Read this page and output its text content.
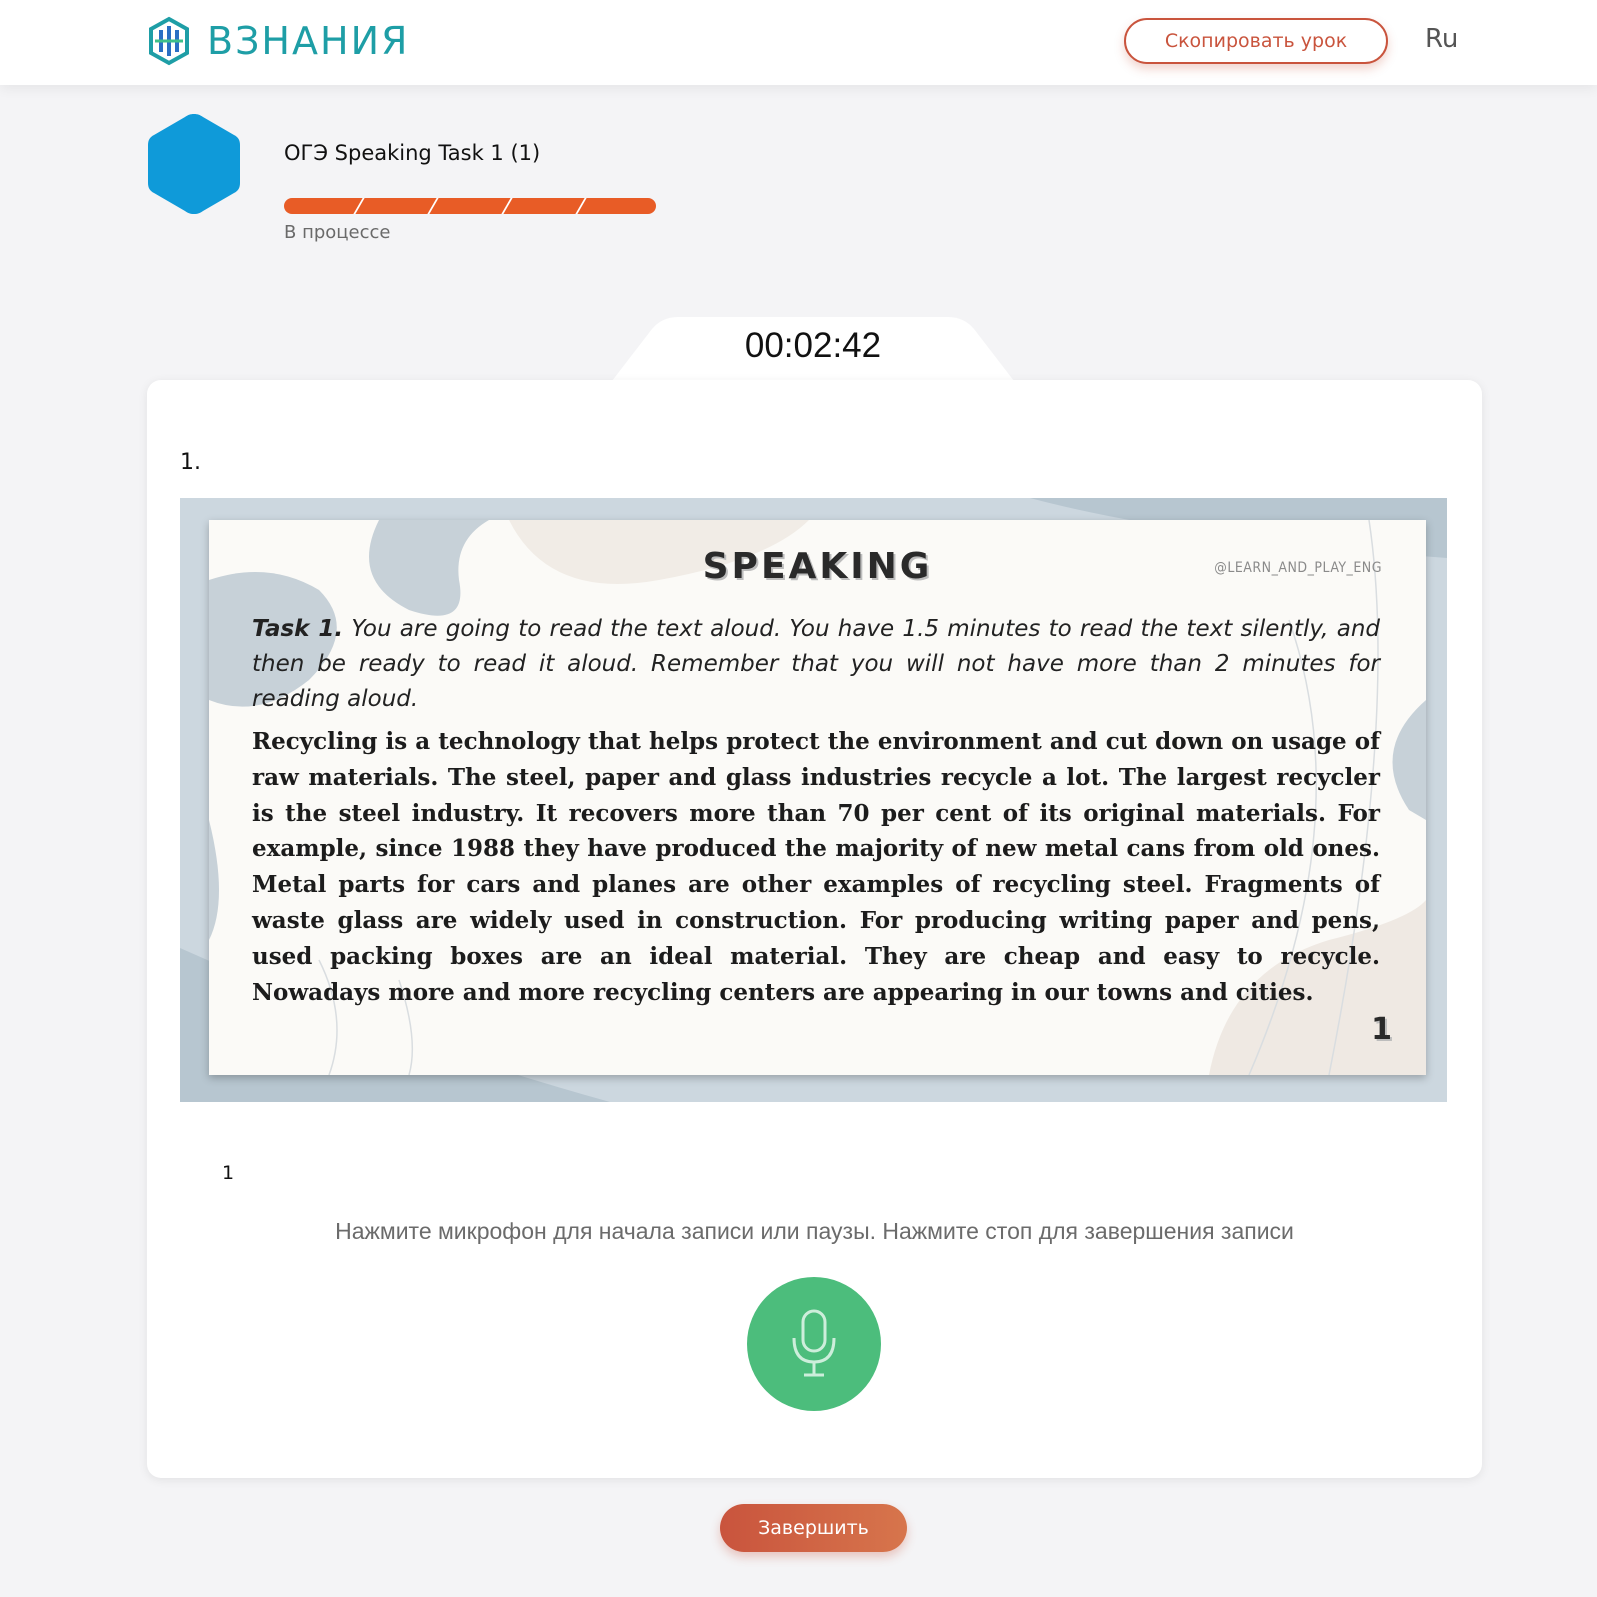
ВЗНАНИЯ	Скопировать урок	Ru
ОГЭ Speaking Task 1 (1)
В процессе
00:02:42
1.
SPEAKING	@LEARN_AND_PLAY_ENG
Task 1. You are going to read the text aloud. You have 1.5 minutes to read the text silently, and then be ready to read it aloud. Remember that you will not have more than 2 minutes for reading aloud.
Recycling is a technology that helps protect the environment and cut down on usage of raw materials. The steel, paper and glass industries recycle a lot. The largest recycler is the steel industry. It recovers more than 70 per cent of its original materials. For example, since 1988 they have produced the majority of new metal cans from old ones. Metal parts for cars and planes are other examples of recycling steel. Fragments of waste glass are widely used in construction. For producing writing paper and pens, used packing boxes are an ideal material. They are cheap and easy to recycle. Nowadays more and more recycling centers are appearing in our towns and cities.
1
1
Нажмите микрофон для начала записи или паузы. Нажмите стоп для завершения записи
Завершить
